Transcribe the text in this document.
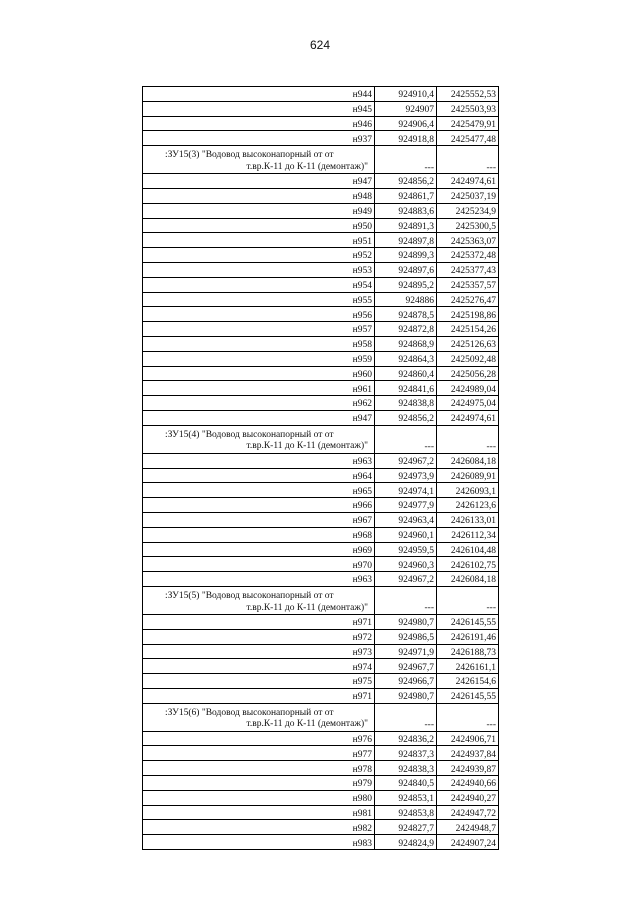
624
н944	924910,4	2425552,53
н945	924907	2425503,93
н946	924906,4	2425479,91
н937	924918,8	2425477,48

:ЗУ15(3) "Водовод высоконапорный от от
т.вр.К-11 до К-11 (демонтаж)"	---	---
н947	924856,2	2424974,61
н948	924861,7	2425037,19
н949	924883,6	2425234,9
н950	924891,3	2425300,5
н951	924897,8	2425363,07
н952	924899,3	2425372,48
н953	924897,6	2425377,43
н954	924895,2	2425357,57
н955	924886	2425276,47
н956	924878,5	2425198,86
н957	924872,8	2425154,26
н958	924868,9	2425126,63
н959	924864,3	2425092,48
н960	924860,4	2425056,28
н961	924841,6	2424989,04
н962	924838,8	2424975,04
н947	924856,2	2424974,61

:ЗУ15(4) "Водовод высоконапорный от от
т.вр.К-11 до К-11 (демонтаж)"	---	---
н963	924967,2	2426084,18
н964	924973,9	2426089,91
н965	924974,1	2426093,1
н966	924977,9	2426123,6
н967	924963,4	2426133,01
н968	924960,1	2426112,34
н969	924959,5	2426104,48
н970	924960,3	2426102,75
н963	924967,2	2426084,18

:ЗУ15(5) "Водовод высоконапорный от от
т.вр.К-11 до К-11 (демонтаж)"	---	---
н971	924980,7	2426145,55
н972	924986,5	2426191,46
н973	924971,9	2426188,73
н974	924967,7	2426161,1
н975	924966,7	2426154,6
н971	924980,7	2426145,55

:ЗУ15(6) "Водовод высоконапорный от от
т.вр.К-11 до К-11 (демонтаж)"	---	---
н976	924836,2	2424906,71
н977	924837,3	2424937,84
н978	924838,3	2424939,87
н979	924840,5	2424940,66
н980	924853,1	2424940,27
н981	924853,8	2424947,72
н982	924827,7	2424948,7
н983	924824,9	2424907,24
